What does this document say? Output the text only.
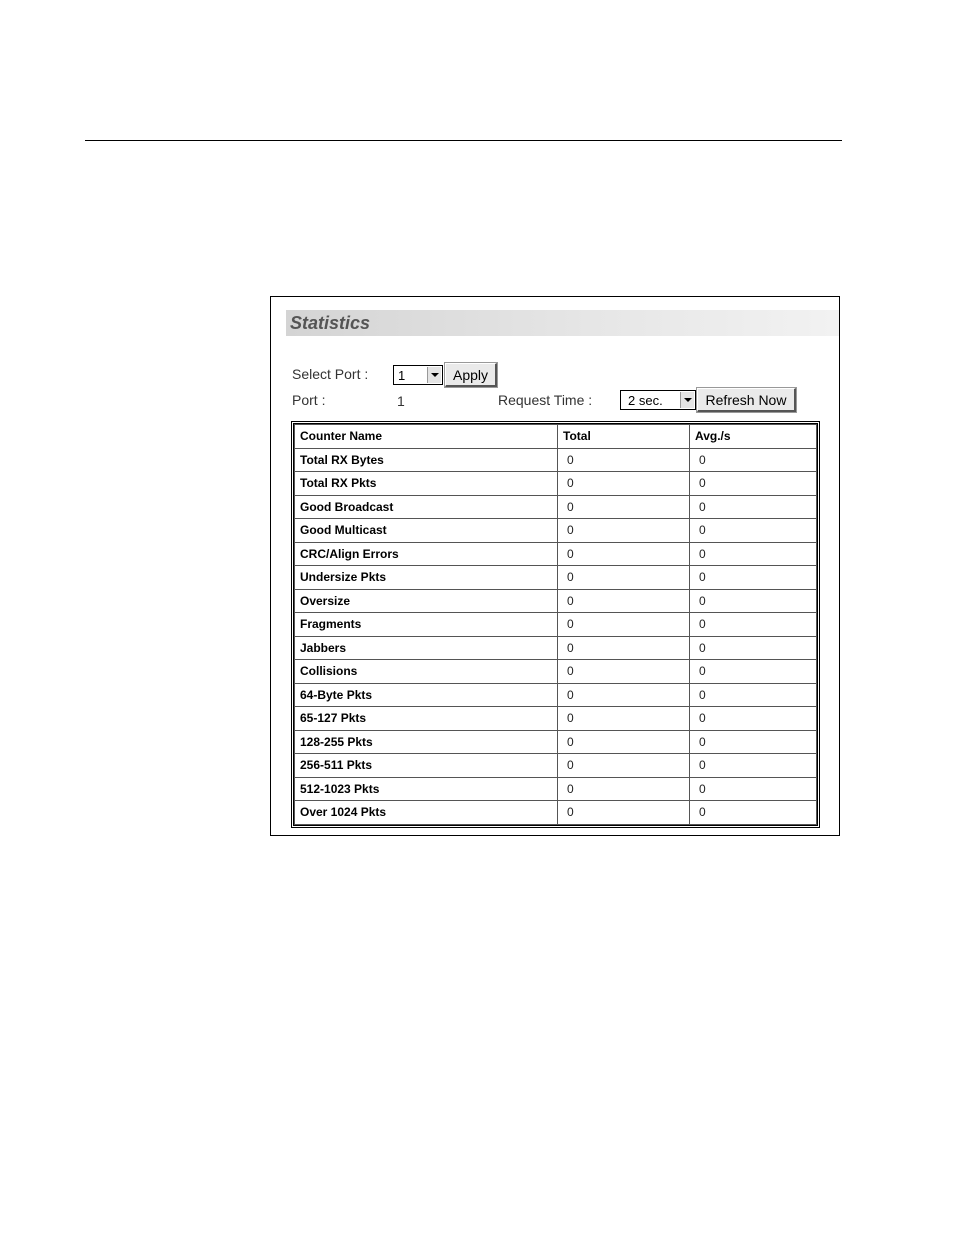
Statistics
Select Port : 1	Apply
Port :	1	Request Time :	2 sec.	Refresh Now
Counter Name	Total	Avg./s
Total RX Bytes	0	0
Total RX Pkts	0	0
Good Broadcast	0	0
Good Multicast	0	0
CRC/Align Errors	0	0
Undersize Pkts	0	0
Oversize	0	0
Fragments	0	0
Jabbers	0	0
Collisions	0	0
64-Byte Pkts	0	0
65-127 Pkts	0	0
128-255 Pkts	0	0
256-511 Pkts	0	0
512-1023 Pkts	0	0
Over 1024 Pkts	0	0
